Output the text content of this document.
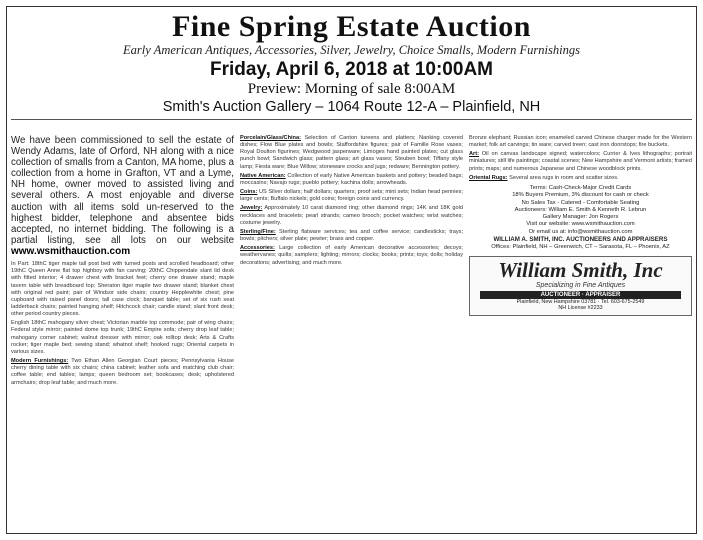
Fine Spring Estate Auction
Early American Antiques, Accessories, Silver, Jewelry, Choice Smalls, Modern Furnishings
Friday, April 6, 2018 at 10:00AM
Preview: Morning of sale 8:00AM
Smith's Auction Gallery – 1064 Route 12-A – Plainfield, NH
We have been commissioned to sell the estate of Wendy Adams, late of Orford, NH along with a nice collection of smalls from a Canton, MA home, plus a collection from a home in Grafton, VT and a Lyme, NH home, owner moved to assisted living and several others. A most enjoyable and diverse auction with all items sold un-reserved to the highest bidder, telephone and absentee bids accepted, no internet bidding. The following is a partial listing, see all lots on our website www.wsmithauction.com

In Part: 18thC tiger maple tall post bed with turned posts and scrolled headboard; other 19thC Queen Anne flat top highboy with fan carving; 20thC Chippendale slant lid desk with fitted interior; 4 drawer chest with bracket feet; cherry one drawer stand; maple tavern table with breadboard top; Sheraton tiger maple two drawer stand; blanket chest with original red paint; pair of Windsor side chairs; country Hepplewhite chest; pine cupboard with raised panel doors; tall case clock; banquet table; set of six rush seat ladderback chairs; painted hanging shelf; Hitchcock chair; candle stand; slant front desk; other period country pieces.

English 18thC mahogany silver chest; Victorian marble top commode; pair of wing chairs; Federal style mirror; painted dome top trunk; 19thC Empire sofa; cherry drop leaf table; mahogany corner cabinet; walnut dresser with mirror; oak rolltop desk; Arts & Crafts rocker; tiger maple bed; sewing stand; whatnot shelf; hooked rugs; Oriental carpets in various sizes.

Modern Furnishings: Two Ethan Allen Georgian Court pieces; Pennsylvania House cherry dining table with six chairs; china cabinet; leather sofa and matching club chair; coffee table; end tables; lamps; queen bedroom set; bookcases; desk; upholstered armchairs; drop leaf table; and much more.

Porcelain/Glass/China: Selection of Canton tureens and platters; Nanking covered dishes; Flow Blue plates and bowls; Staffordshire figures; pair of Famille Rose vases; Royal Doulton figurines; Wedgwood jasperware; Limoges hand painted plates; cut glass punch bowl; Sandwich glass; pattern glass; art glass vases; Steuben bowl; Tiffany style lamp; Fiesta ware; Blue Willow; stoneware crocks and jugs; redware; Bennington pottery.

Native American: Collection of early Native American baskets and pottery; beaded bags; moccasins; Navajo rugs; pueblo pottery; kachina dolls; arrowheads.

Coins: US Silver dollars; half dollars; quarters; proof sets; mint sets; Indian head pennies; large cents; Buffalo nickels; gold coins; foreign coins and currency.

Jewelry: Approximately 10 carat diamond ring; other diamond rings; 14K and 18K gold necklaces and bracelets; pearl strands; cameo brooch; pocket watches; wrist watches; costume jewelry.

Sterling/Fine: Sterling flatware services; tea and coffee service; candlesticks; trays; bowls; pitchers; silver plate; pewter; brass and copper.

Accessories: Large collection of early American decorative accessories; decoys; weathervanes; quilts; samplers; lighting; mirrors; clocks; books; prints; toys; dolls; holiday decorations; advertising; and much more.

Bronze elephant; Russian icon; enameled carved Chinese charger made for the Western market; folk art carvings; tin ware; carved treen; cast iron doorstops; fire buckets.

Art: Oil on canvas landscape signed; watercolors; Currier & Ives lithographs; portrait miniatures; still life paintings; coastal scenes; New Hampshire and Vermont artists; framed prints; maps; and numerous Japanese and Chinese woodblock prints.

Oriental Rugs: Several area rugs in room and scatter sizes.

Terms: Cash-Check-Major Credit Cards
18% Buyers Premium, 3% discount for cash or check
No Sales Tax - Catered - Comfortable Seating
Auctioneers: William E. Smith & Kenneth R. Lebrun
Gallery Manager: Jon Rogers
Visit our website: www.wsmithauction.com
Or email us at: info@wsmithauction.com
WILLIAM A. SMITH, INC. AUCTIONEERS AND APPRAISERS
Offices: Plainfield, NH – Greenwich, CT – Sarasota, FL – Phoenix, AZ
William Smith, Inc
Specializing in Fine Antiques
AUCTIONEER · APPRAISER
Plainfield, New Hampshire 03781 · Tel. 603-675-2549
NH License #2233
